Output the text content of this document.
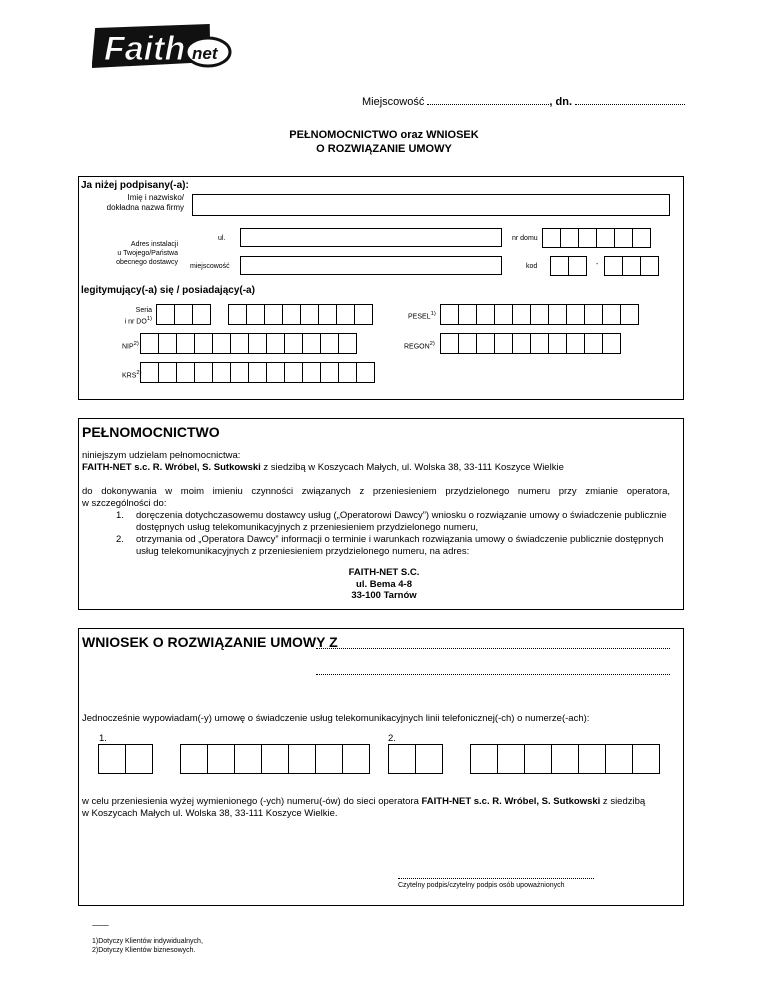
Faith net
Miejscowość	, dn.
PEŁNOMOCNICTWO oraz WNIOSEK
O ROZWIĄZANIE UMOWY
Ja niżej podpisany(-a):
Imię i nazwisko/
dokładna nazwa firmy
Adres instalacji
u Twojego/Państwa
obecnego dostawcy
ul.	nr domu
miejscowość	kod	-
legitymujący(-a) się / posiadający(-a)
Seria
i nr DO$^{1)}$	PESEL$^{1)}$
NIP$^{2)}$	REGON$^{2)}$
KRS$^{2)}$
PEŁNOMOCNICTWO
niniejszym udzielam pełnomocnictwa:
FAITH-NET s.c. R. Wróbel, S. Sutkowski z siedzibą w Koszycach Małych, ul. Wolska 38, 33-111 Koszyce Wielkie
do dokonywania w moim imieniu czynności związanych z przeniesieniem przydzielonego numeru przy zmianie operatora,
w szczególności do:
1. doręczenia dotychczasowemu dostawcy usług („Operatorowi Dawcy”) wniosku o rozwiązanie umowy o świadczenie publicznie
dostępnych usług telekomunikacyjnych z przeniesieniem przydzielonego numeru,
2. otrzymania od „Operatora Dawcy” informacji o terminie i warunkach rozwiązania umowy o świadczenie publicznie dostępnych
usług telekomunikacyjnych z przeniesieniem przydzielonego numeru, na adres:
FAITH-NET S.C.
ul. Bema 4-8
33-100 Tarnów
WNIOSEK O ROZWIĄZANIE UMOWY Z
Jednocześnie wypowiadam(-y) umowę o świadczenie usług telekomunikacyjnych linii telefonicznej(-ch) o numerze(-ach):
1.	2.
w celu przeniesienia wyżej wymienionego (-ych) numeru(-ów) do sieci operatora FAITH-NET s.c. R. Wróbel, S. Sutkowski z siedzibą
w Koszycach Małych ul. Wolska 38, 33-111 Koszyce Wielkie.
Czytelny podpis/czytelny podpis osób upoważnionych
----------------
1)Dotyczy Klientów indywidualnych,
2)Dotyczy Klientów biznesowych.
